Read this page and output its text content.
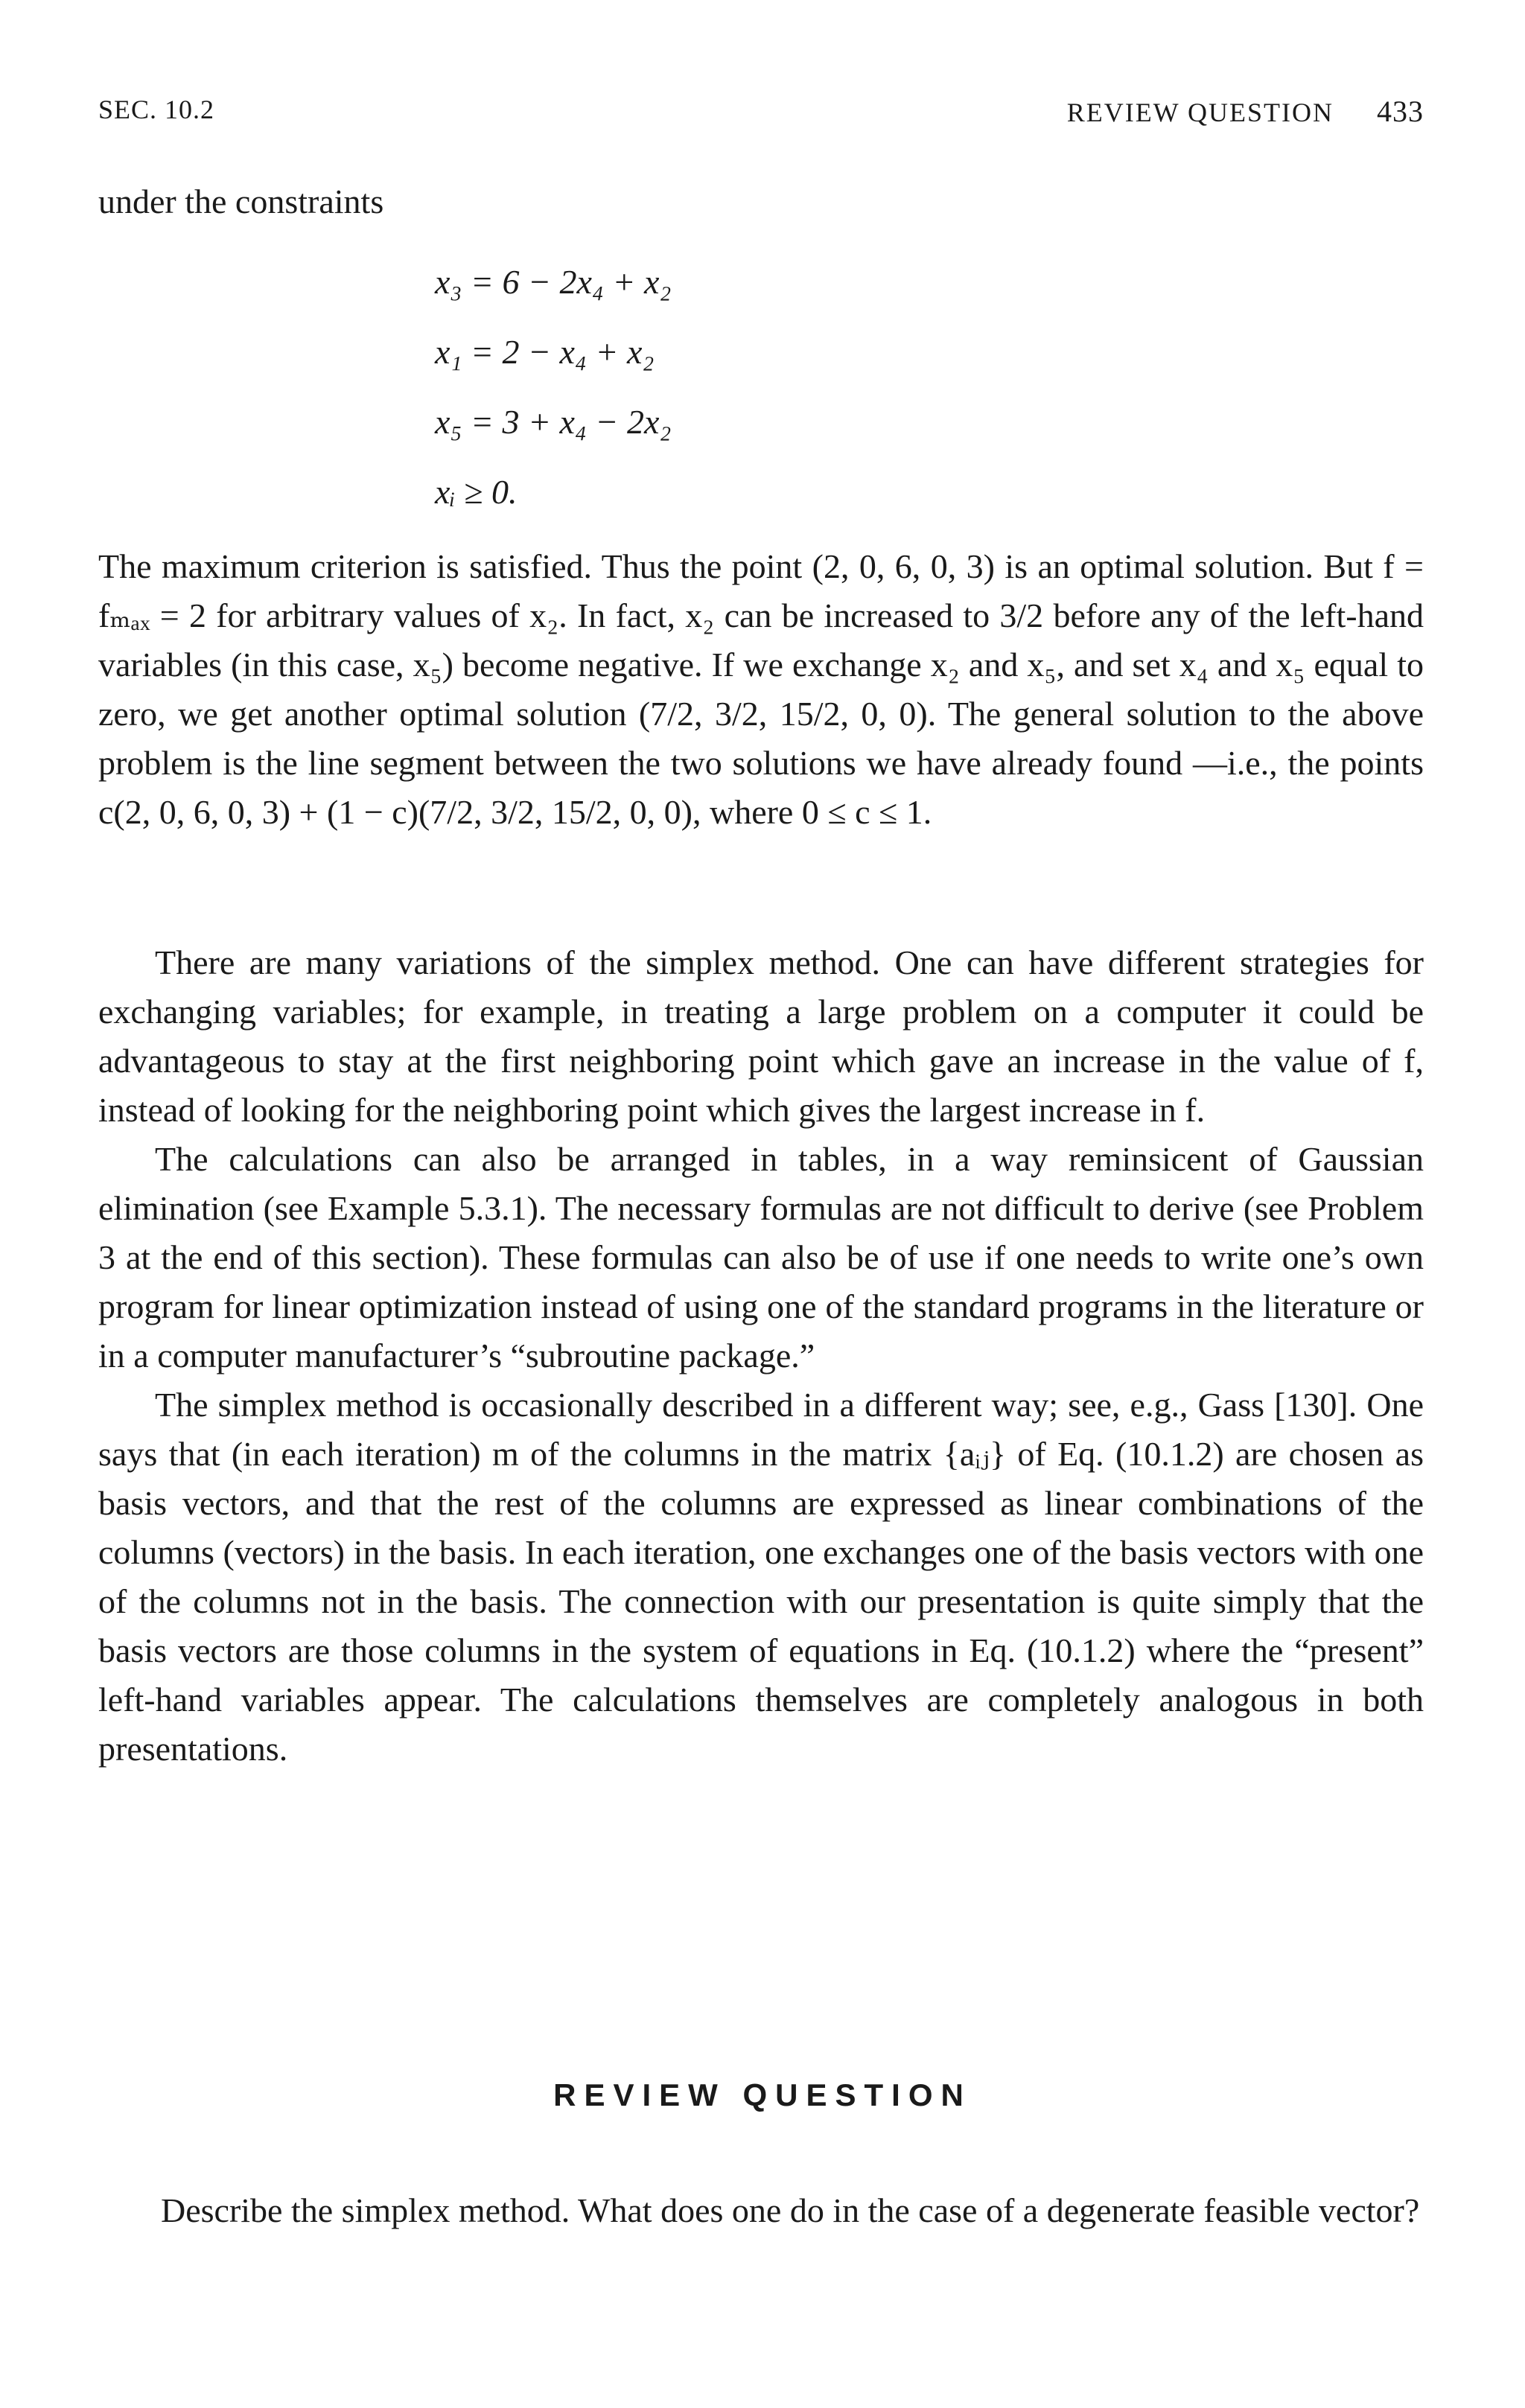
SEC. 10.2	REVIEW QUESTION 433
under the constraints
x₃ = 6 − 2x₄ + x₂
x₁ = 2 − x₄ + x₂
x₅ = 3 + x₄ − 2x₂
xᵢ ≥ 0.

The maximum criterion is satisfied. Thus the point (2, 0, 6, 0, 3) is an optimal solution. But f = fₘₐₓ = 2 for arbitrary values of x₂. In fact, x₂ can be increased to 3/2 before any of the left-hand variables (in this case, x₅) become negative. If we exchange x₂ and x₅, and set x₄ and x₅ equal to zero, we get another optimal solution (7/2, 3/2, 15/2, 0, 0). The general solution to the above problem is the line segment between the two solutions we have already found —i.e., the points c(2, 0, 6, 0, 3) + (1 − c)(7/2, 3/2, 15/2, 0, 0), where 0 ≤ c ≤ 1.

There are many variations of the simplex method. One can have different strategies for exchanging variables; for example, in treating a large problem on a computer it could be advantageous to stay at the first neighboring point which gave an increase in the value of f, instead of looking for the neighboring point which gives the largest increase in f.

The calculations can also be arranged in tables, in a way reminsicent of Gaussian elimination (see Example 5.3.1). The necessary formulas are not difficult to derive (see Problem 3 at the end of this section). These formulas can also be of use if one needs to write one’s own program for linear optimization instead of using one of the standard programs in the literature or in a computer manufacturer’s “subroutine package.”

The simplex method is occasionally described in a different way; see, e.g., Gass [130]. One says that (in each iteration) m of the columns in the matrix {aᵢⱼ} of Eq. (10.1.2) are chosen as basis vectors, and that the rest of the columns are expressed as linear combinations of the columns (vectors) in the basis. In each iteration, one exchanges one of the basis vectors with one of the columns not in the basis. The connection with our presentation is quite simply that the basis vectors are those columns in the system of equations in Eq. (10.1.2) where the “present” left-hand variables appear. The calculations themselves are completely analogous in both presentations.

REVIEW QUESTION
Describe the simplex method. What does one do in the case of a degenerate feasible vector?
